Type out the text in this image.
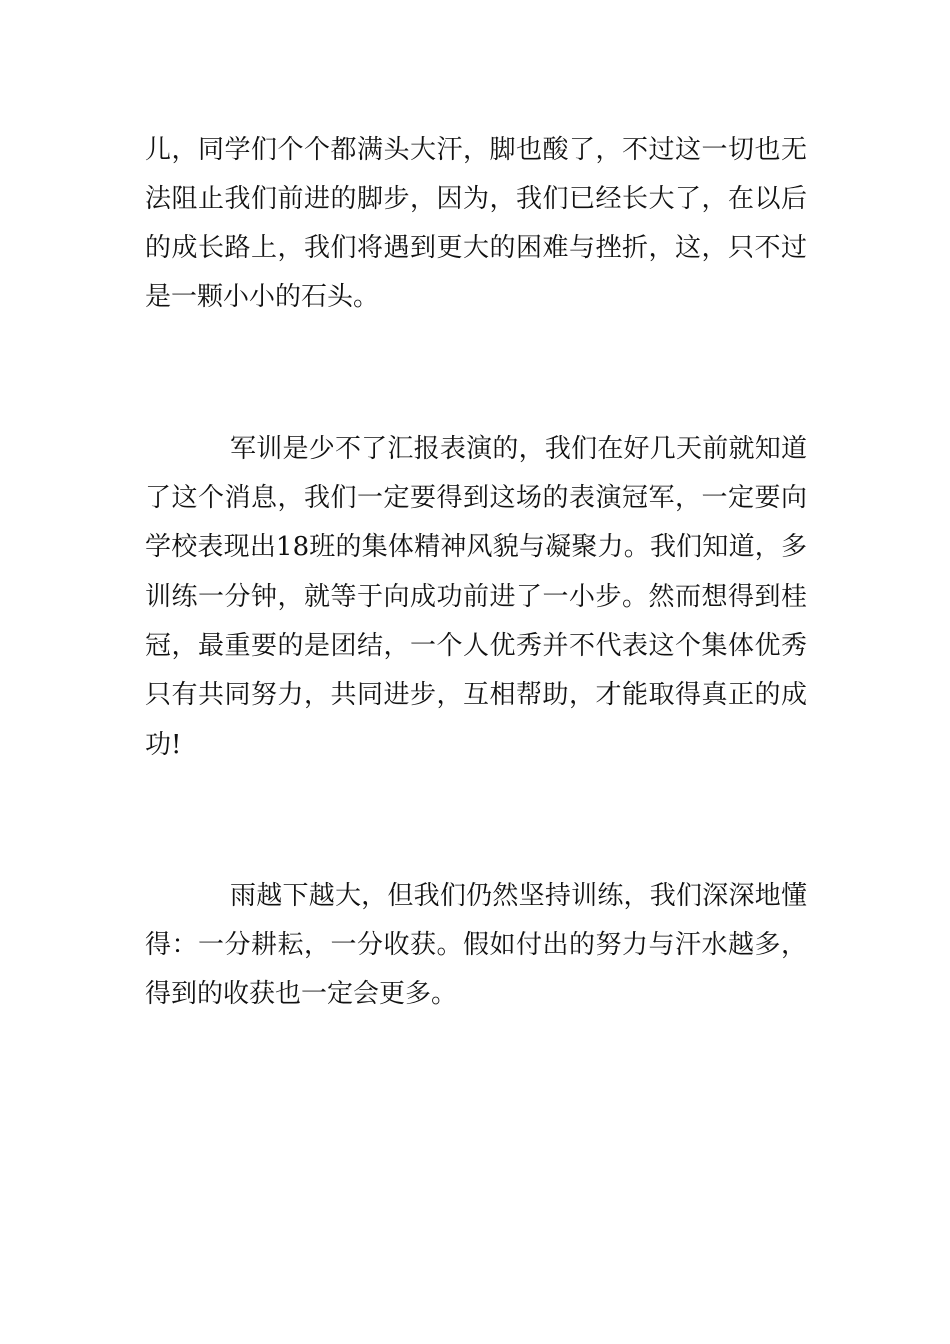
儿，同学们个个都满头大汗，脚也酸了，不过这一切也无
法阻止我们前进的脚步，因为，我们已经长大了，在以后
的成长路上，我们将遇到更大的困难与挫折，这，只不过
是一颗小小的石头。
军训是少不了汇报表演的，我们在好几天前就知道
了这个消息，我们一定要得到这场的表演冠军，一定要向
学校表现出18班的集体精神风貌与凝聚力。我们知道，多
训练一分钟，就等于向成功前进了一小步。然而想得到桂
冠，最重要的是团结，一个人优秀并不代表这个集体优秀
只有共同努力，共同进步，互相帮助，才能取得真正的成
功!
雨越下越大，但我们仍然坚持训练，我们深深地懂
得：一分耕耘，一分收获。假如付出的努力与汗水越多，
得到的收获也一定会更多。
